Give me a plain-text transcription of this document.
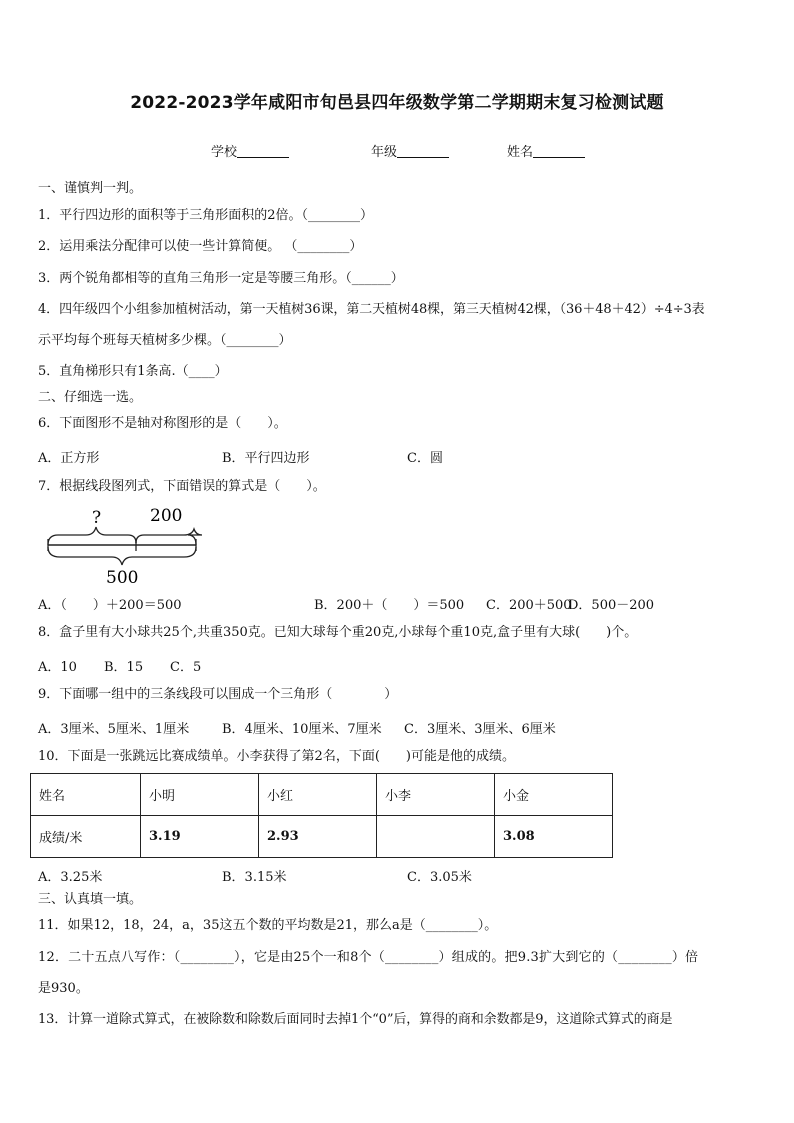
2022-2023学年咸阳市旬邑县四年级数学第二学期期末复习检测试题
学校	年级	姓名
一、谨慎判一判。
1．平行四边形的面积等于三角形面积的2倍。（________）
2．运用乘法分配律可以使一些计算简便。 （________）
3．两个锐角都相等的直角三角形一定是等腰三角形。（______）
4．四年级四个小组参加植树活动，第一天植树36课，第二天植树48棵，第三天植树42棵，（36＋48＋42）÷4÷3表
示平均每个班每天植树多少棵。（________）
5．直角梯形只有1条高.（____）
二、仔细选一选。
6．下面图形不是轴对称图形的是（　　）。
A．正方形	B．平行四边形	C．圆
7．根据线段图列式，下面错误的算式是（　　）。
?	200
500
A．（　　）＋200＝500	B．200＋（　　）＝500 C．200＋500
D．500－200
8．盒子里有大小球共25个,共重350克。已知大球每个重20克,小球每个重10克,盒子里有大球(　　)个。
A．10 B．15 C．5
9．下面哪一组中的三条线段可以围成一个三角形（　　　　）
A．3厘米、5厘米、1厘米	B．4厘米、10厘米、7厘米 C．3厘米、3厘米、6厘米
10．下面是一张跳远比赛成绩单。小李获得了第2名，下面(　　)可能是他的成绩。
姓名	小明	小红	小李	小金
成绩/米	3.19	2.93		3.08
A．3.25米	B．3.15米	C．3.05米
三、认真填一填。
11．如果12，18，24，a，35这五个数的平均数是21，那么a是（________）。
12．二十五点八写作：（________），它是由25个一和8个（________）组成的。把9.3扩大到它的（________）倍
是930。
13．计算一道除式算式，在被除数和除数后面同时去掉1个“0”后，算得的商和余数都是9，这道除式算式的商是
